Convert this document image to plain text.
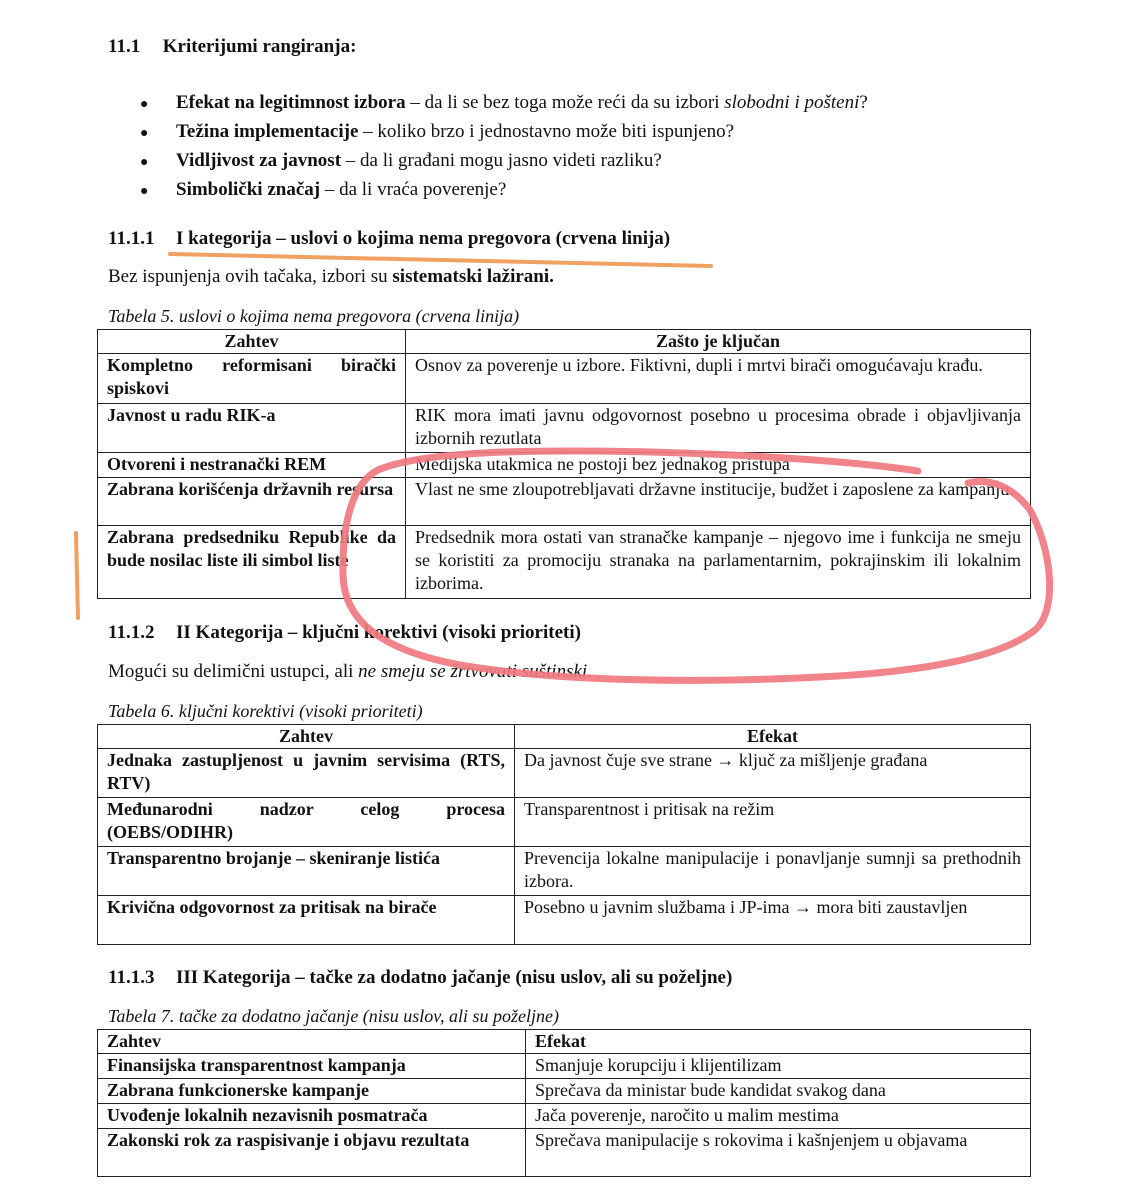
11.1 Kriterijumi rangiranja:
● Efekat na legitimnost izbora – da li se bez toga može reći da su izbori slobodni i pošteni?
● Težina implementacije – koliko brzo i jednostavno može biti ispunjeno?
● Vidljivost za javnost – da li građani mogu jasno videti razliku?
● Simbolički značaj – da li vraća poverenje?
11.1.1 I kategorija – uslovi o kojima nema pregovora (crvena linija)
Bez ispunjenja ovih tačaka, izbori su sistematski lažirani.
Tabela 5. uslovi o kojima nema pregovora (crvena linija)
Zahtev	Zašto je ključan
Kompletno reformisani birački spiskovi	Osnov za poverenje u izbore. Fiktivni, dupli i mrtvi birači omogućavaju krađu.
Javnost u radu RIK-a	RIK mora imati javnu odgovornost posebno u procesima obrade i objavljivanja izbornih rezutlata
Otvoreni i nestranački REM	Medijska utakmica ne postoji bez jednakog pristupa
Zabrana korišćenja državnih resursa	Vlast ne sme zloupotrebljavati državne institucije, budžet i zaposlene za kampanju.
Zabrana predsedniku Republike da bude nosilac liste ili simbol liste	Predsednik mora ostati van stranačke kampanje – njegovo ime i funkcija ne smeju se koristiti za promociju stranaka na parlamentarnim, pokrajinskim ili lokalnim izborima.
11.1.2 II Kategorija – ključni korektivi (visoki prioriteti)
Mogući su delimični ustupci, ali ne smeju se žrtvovati suštinski.
Tabela 6. ključni korektivi (visoki prioriteti)
Zahtev	Efekat
Jednaka zastupljenost u javnim servisima (RTS, RTV)	Da javnost čuje sve strane → ključ za mišljenje građana
Međunarodni nadzor celog procesa (OEBS/ODIHR)	Transparentnost i pritisak na režim
Transparentno brojanje – skeniranje listića	Prevencija lokalne manipulacije i ponavljanje sumnji sa prethodnih izbora.
Krivična odgovornost za pritisak na birače	Posebno u javnim službama i JP-ima → mora biti zaustavljen
11.1.3 III Kategorija – tačke za dodatno jačanje (nisu uslov, ali su poželjne)
Tabela 7. tačke za dodatno jačanje (nisu uslov, ali su poželjne)
Zahtev	Efekat
Finansijska transparentnost kampanja	Smanjuje korupciju i klijentilizam
Zabrana funkcionerske kampanje	Sprečava da ministar bude kandidat svakog dana
Uvođenje lokalnih nezavisnih posmatrača	Jača poverenje, naročito u malim mestima
Zakonski rok za raspisivanje i objavu rezultata	Sprečava manipulacije s rokovima i kašnjenjem u objavama
